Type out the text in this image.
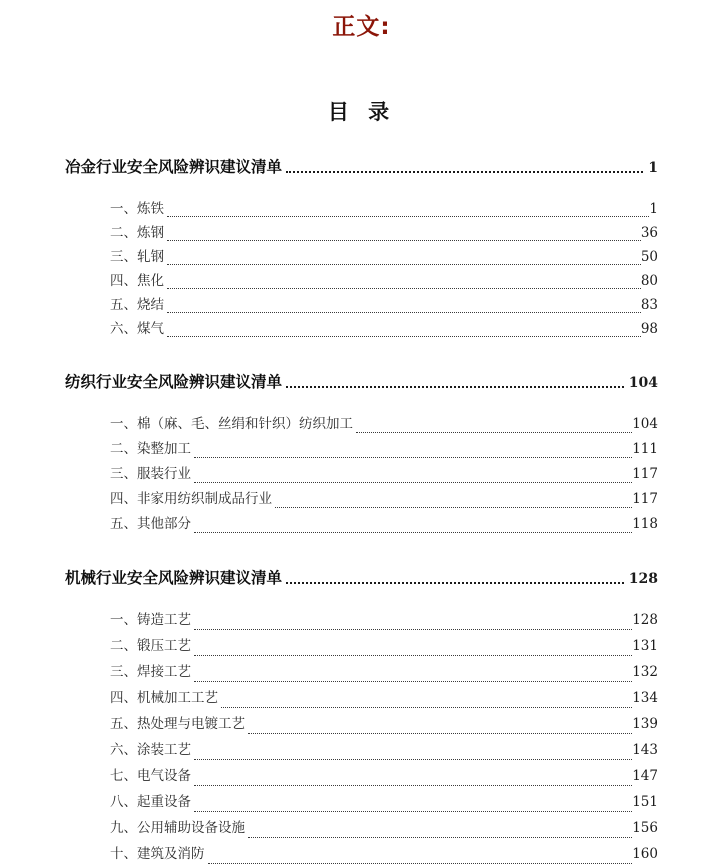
正文:
目 录
冶金行业安全风险辨识建议清单	1
一、炼铁	1
二、炼钢	36
三、轧钢	50
四、焦化	80
五、烧结	83
六、煤气	98
纺织行业安全风险辨识建议清单	104
一、棉（麻、毛、丝绢和针织）纺织加工	104
二、染整加工	111
三、服装行业	117
四、非家用纺织制成品行业	117
五、其他部分	118
机械行业安全风险辨识建议清单	128
一、铸造工艺	128
二、锻压工艺	131
三、焊接工艺	132
四、机械加工工艺	134
五、热处理与电镀工艺	139
六、涂装工艺	143
七、电气设备	147
八、起重设备	151
九、公用辅助设备设施	156
十、建筑及消防	160
